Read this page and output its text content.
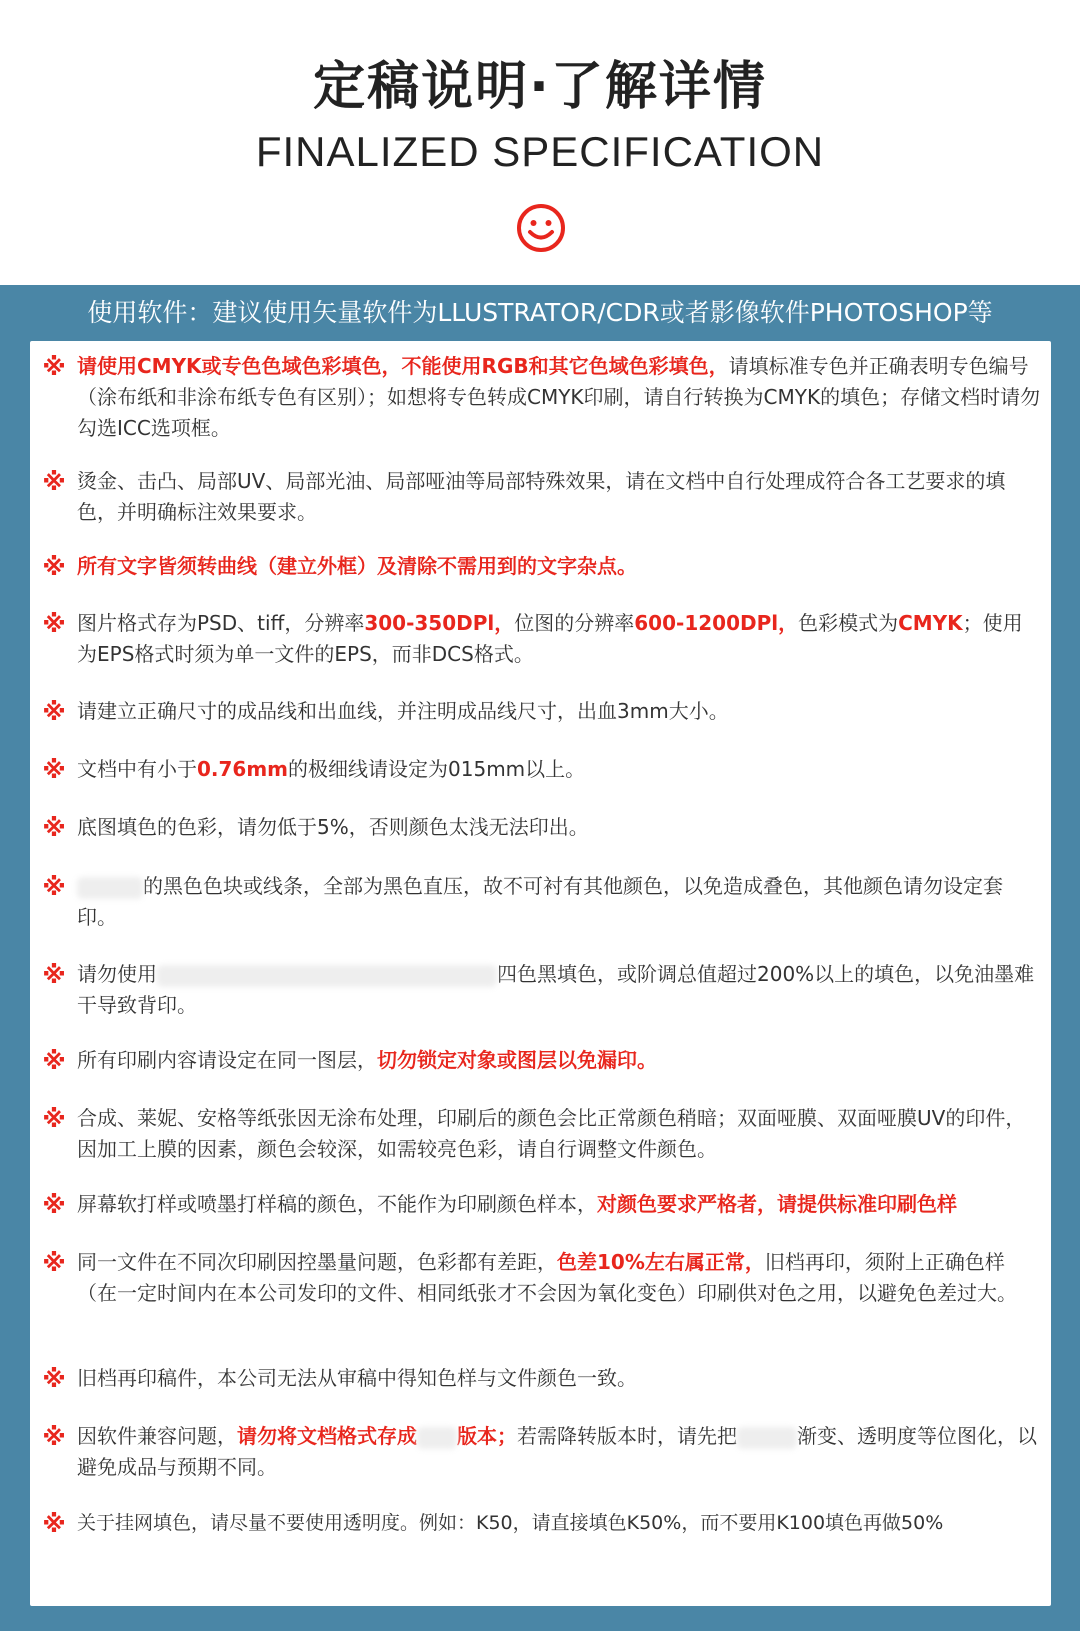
定稿说明·了解详情
FINALIZED SPECIFICATION
使用软件：建议使用矢量软件为LLUSTRATOR/CDR或者影像软件PHOTOSHOP等
※ 请使用CMYK或专色色域色彩填色，不能使用RGB和其它色域色彩填色，请填标准专色并正确表明专色编号（涂布纸和非涂布纸专色有区别）；如想将专色转成CMYK印刷，请自行转换为CMYK的填色；存储文档时请勿勾选ICC选项框。
※ 烫金、击凸、局部UV、局部光油、局部哑油等局部特殊效果，请在文档中自行处理成符合各工艺要求的填色，并明确标注效果要求。
※ 所有文字皆须转曲线（建立外框）及清除不需用到的文字杂点。
※ 图片格式存为PSD、tiff，分辨率300-350DPl，位图的分辨率600-1200DPl，色彩模式为CMYK；使用为EPS格式时须为单一文件的EPS，而非DCS格式。
※ 请建立正确尺寸的成品线和出血线，并注明成品线尺寸，出血3mm大小。
※ 文档中有小于0.76mm的极细线请设定为015mm以上。
※ 底图填色的色彩，请勿低于5%，否则颜色太浅无法印出。
※	的黑色色块或线条，全部为黑色直压，故不可衬有其他颜色，以免造成叠色，其他颜色请勿设定套印。
※ 请勿使用	四色黑填色，或阶调总值超过200%以上的填色，以免油墨难干导致背印。
※ 所有印刷内容请设定在同一图层，切勿锁定对象或图层以免漏印。
※ 合成、莱妮、安格等纸张因无涂布处理，印刷后的颜色会比正常颜色稍暗；双面哑膜、双面哑膜UV的印件，因加工上膜的因素，颜色会较深，如需较亮色彩，请自行调整文件颜色。
※ 屏幕软打样或喷墨打样稿的颜色，不能作为印刷颜色样本，对颜色要求严格者，请提供标准印刷色样
※ 同一文件在不同次印刷因控墨量问题，色彩都有差距，色差10%左右属正常，旧档再印，须附上正确色样（在一定时间内在本公司发印的文件、相同纸张才不会因为氧化变色）印刷供对色之用，以避免色差过大。
※ 旧档再印稿件，本公司无法从审稿中得知色样与文件颜色一致。
※ 因软件兼容问题，请勿将文档格式存成 版本；若需降转版本时，请先把	渐变、透明度等位图化，以避免成品与预期不同。
※ 关于挂网填色，请尽量不要使用透明度。例如：K50，请直接填色K50%，而不要用K100填色再做50%
